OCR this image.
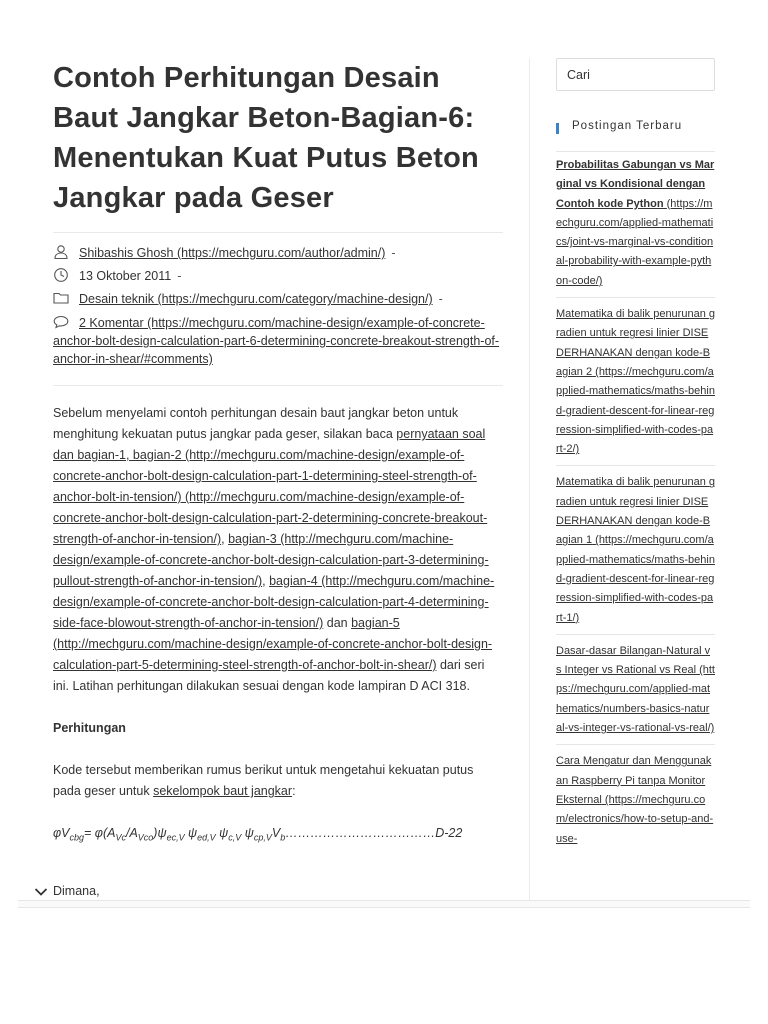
Contoh Perhitungan Desain Baut Jangkar Beton-Bagian-6: Menentukan Kuat Putus Beton Jangkar pada Geser
Shibashis Ghosh (https://mechguru.com/author/admin/) -
13 Oktober 2011 -
Desain teknik (https://mechguru.com/category/machine-design/) -
2 Komentar (https://mechguru.com/machine-design/example-of-concrete-anchor-bolt-design-calculation-part-6-determining-concrete-breakout-strength-of-anchor-in-shear/#comments)

Sebelum menyelami contoh perhitungan desain baut jangkar beton untuk menghitung kekuatan putus jangkar pada geser, silakan baca pernyataan soal dan bagian-1, bagian-2 (http://mechguru.com/machine-design/example-of-concrete-anchor-bolt-design-calculation-part-1-determining-steel-strength-of-anchor-bolt-in-tension/) (http://mechguru.com/machine-design/example-of-concrete-anchor-bolt-design-calculation-part-2-determining-concrete-breakout-strength-of-anchor-in-tension/), bagian-3 (http://mechguru.com/machine-design/example-of-concrete-anchor-bolt-design-calculation-part-3-determining-pullout-strength-of-anchor-in-tension/), bagian-4 (http://mechguru.com/machine-design/example-of-concrete-anchor-bolt-design-calculation-part-4-determining-side-face-blowout-strength-of-anchor-in-tension/) dan bagian-5 (http://mechguru.com/machine-design/example-of-concrete-anchor-bolt-design-calculation-part-5-determining-steel-strength-of-anchor-bolt-in-shear/) dari seri ini. Latihan perhitungan dilakukan sesuai dengan kode lampiran D ACI 318.

Perhitungan

Kode tersebut memberikan rumus berikut untuk mengetahui kekuatan putus pada geser untuk sekelompok baut jangkar:

$\varphi V_{cbg}= \varphi(A_{Vc}/A_{Vco})\psi_{ec,V}$ $\psi_{ed,V}$ $\psi_{c,V}$ $\psi_{cp,V}V_b\dots\dots\dots\dots\dots\dots\dots\dots\dots\dots\dots\dots D-22$

Dimana,
Cari
Postingan Terbaru
Probabilitas Gabungan vs Marginal vs Kondisional dengan Contoh kode Python (https://mechguru.com/applied-mathematics/joint-vs-marginal-vs-conditional-probability-with-example-python-code/)
Matematika di balik penurunan gradien untuk regresi linier DISEDERHANAKAN dengan kode-Bagian 2 (https://mechguru.com/applied-mathematics/maths-behind-gradient-descent-for-linear-regression-simplified-with-codes-part-2/)
Matematika di balik penurunan gradien untuk regresi linier DISEDERHANAKAN dengan kode-Bagian 1 (https://mechguru.com/applied-mathematics/maths-behind-gradient-descent-for-linear-regression-simplified-with-codes-part-1/)
Dasar-dasar Bilangan-Natural vs Integer vs Rational vs Real (https://mechguru.com/applied-mathematics/numbers-basics-natural-vs-integer-vs-rational-vs-real/)
Cara Mengatur dan Menggunakan Raspberry Pi tanpa Monitor Eksternal (https://mechguru.com/electronics/how-to-setup-and-use-
